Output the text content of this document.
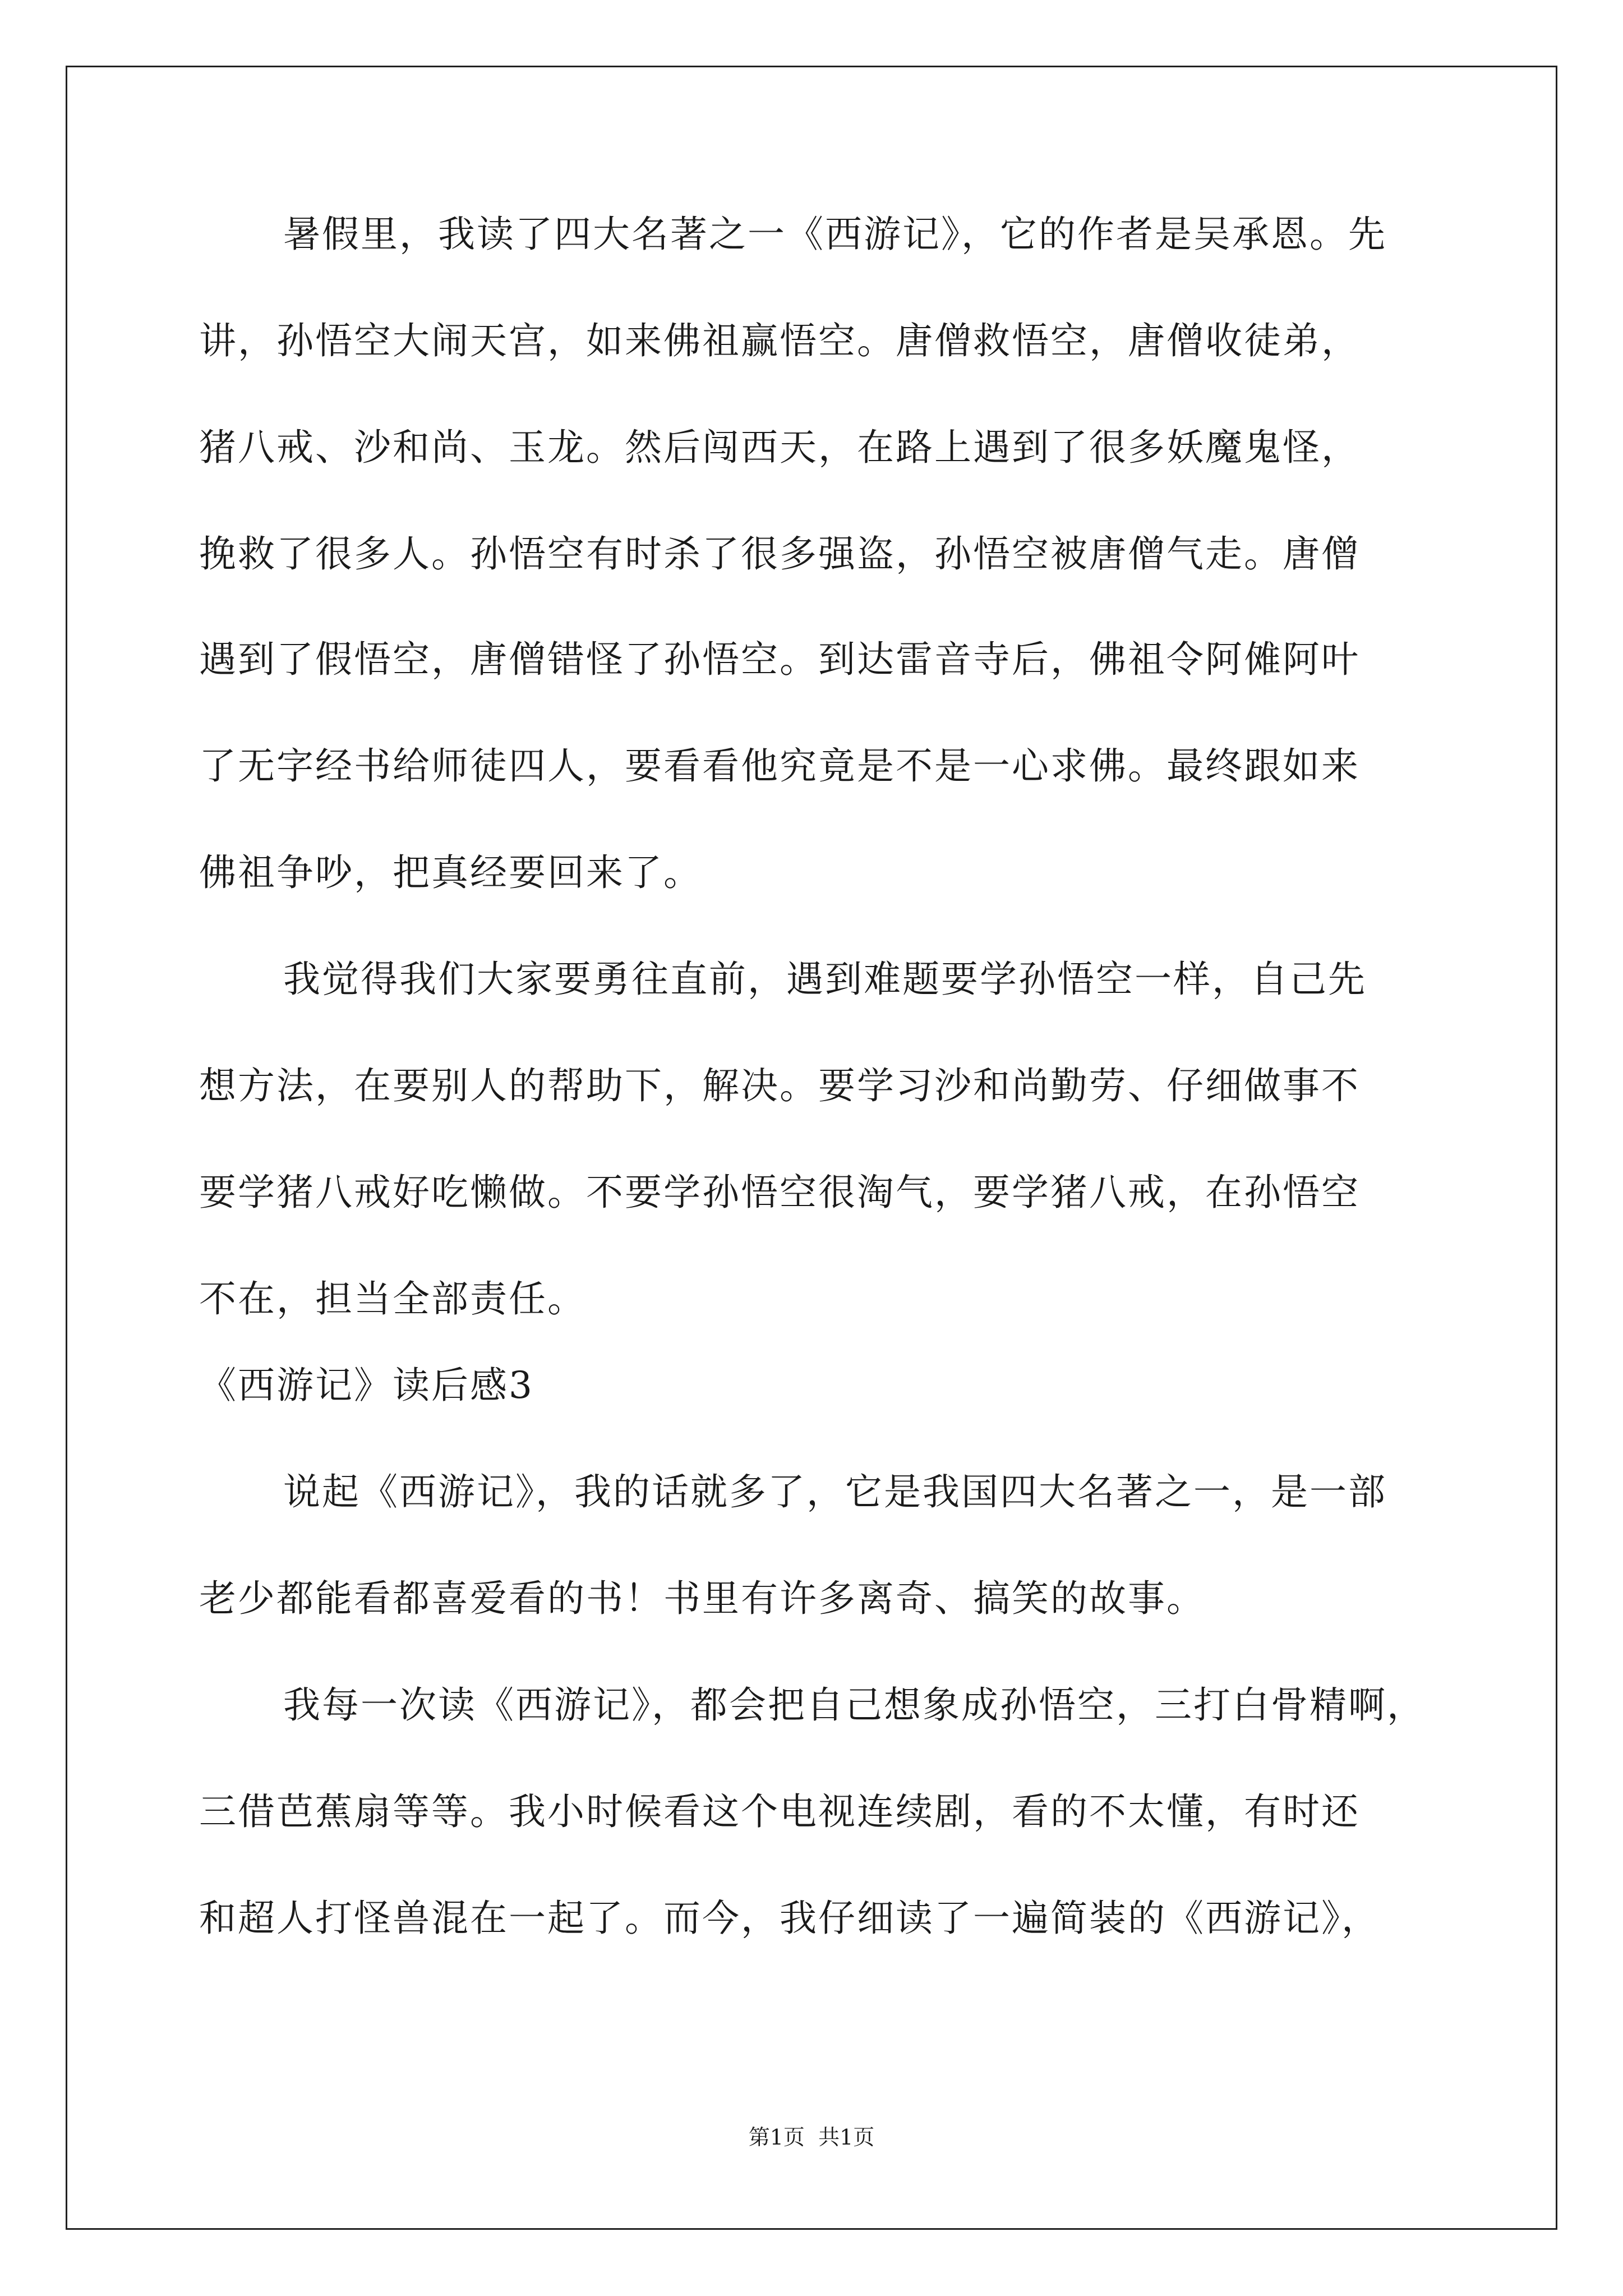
暑假里，我读了四大名著之一《西游记》，它的作者是吴承恩。先
讲，孙悟空大闹天宫，如来佛祖赢悟空。唐僧救悟空，唐僧收徒弟，
猪八戒、沙和尚、玉龙。然后闯西天，在路上遇到了很多妖魔鬼怪，
挽救了很多人。孙悟空有时杀了很多强盗，孙悟空被唐僧气走。唐僧
遇到了假悟空，唐僧错怪了孙悟空。到达雷音寺后，佛祖令阿傩阿叶
了无字经书给师徒四人，要看看他究竟是不是一心求佛。最终跟如来
佛祖争吵，把真经要回来了。
我觉得我们大家要勇往直前，遇到难题要学孙悟空一样，自己先
想方法，在要别人的帮助下，解决。要学习沙和尚勤劳、仔细做事不
要学猪八戒好吃懒做。不要学孙悟空很淘气，要学猪八戒，在孙悟空
不在，担当全部责任。
《西游记》读后感3
说起《西游记》，我的话就多了，它是我国四大名著之一，是一部
老少都能看都喜爱看的书！书里有许多离奇、搞笑的故事。
我每一次读《西游记》，都会把自己想象成孙悟空，三打白骨精啊，
三借芭蕉扇等等。我小时候看这个电视连续剧，看的不太懂，有时还
和超人打怪兽混在一起了。而今，我仔细读了一遍简装的《西游记》，
第1页  共1页
